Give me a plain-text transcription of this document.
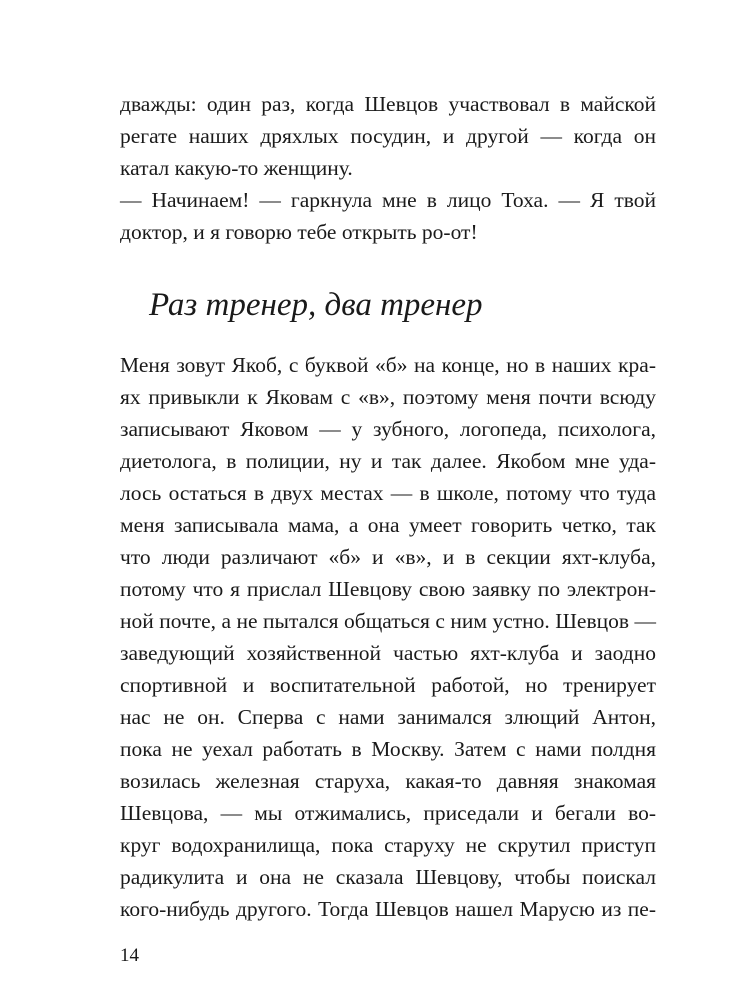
дважды: один раз, когда Шевцов участвовал в майской
регате наших дряхлых посудин, и другой — когда он
катал какую-то женщину.
— Начинаем! — гаркнула мне в лицо Тоха. — Я твой
доктор, и я говорю тебе открыть ро-от!
Раз тренер, два тренер
Меня зовут Якоб, с буквой «б» на конце, но в наших кра-
ях привыкли к Яковам с «в», поэтому меня почти всюду
записывают Яковом — у зубного, логопеда, психолога,
диетолога, в полиции, ну и так далее. Якобом мне уда-
лось остаться в двух местах — в школе, потому что туда
меня записывала мама, а она умеет говорить четко, так
что люди различают «б» и «в», и в секции яхт-клуба,
потому что я прислал Шевцову свою заявку по электрон-
ной почте, а не пытался общаться с ним устно. Шевцов —
заведующий хозяйственной частью яхт-клуба и заодно
спортивной и воспитательной работой, но тренирует
нас не он. Сперва с нами занимался злющий Антон,
пока не уехал работать в Москву. Затем с нами полдня
возилась железная старуха, какая-то давняя знакомая
Шевцова, — мы отжимались, приседали и бегали во-
круг водохранилища, пока старуху не скрутил приступ
радикулита и она не сказала Шевцову, чтобы поискал
кого-нибудь другого. Тогда Шевцов нашел Марусю из пе-
14
